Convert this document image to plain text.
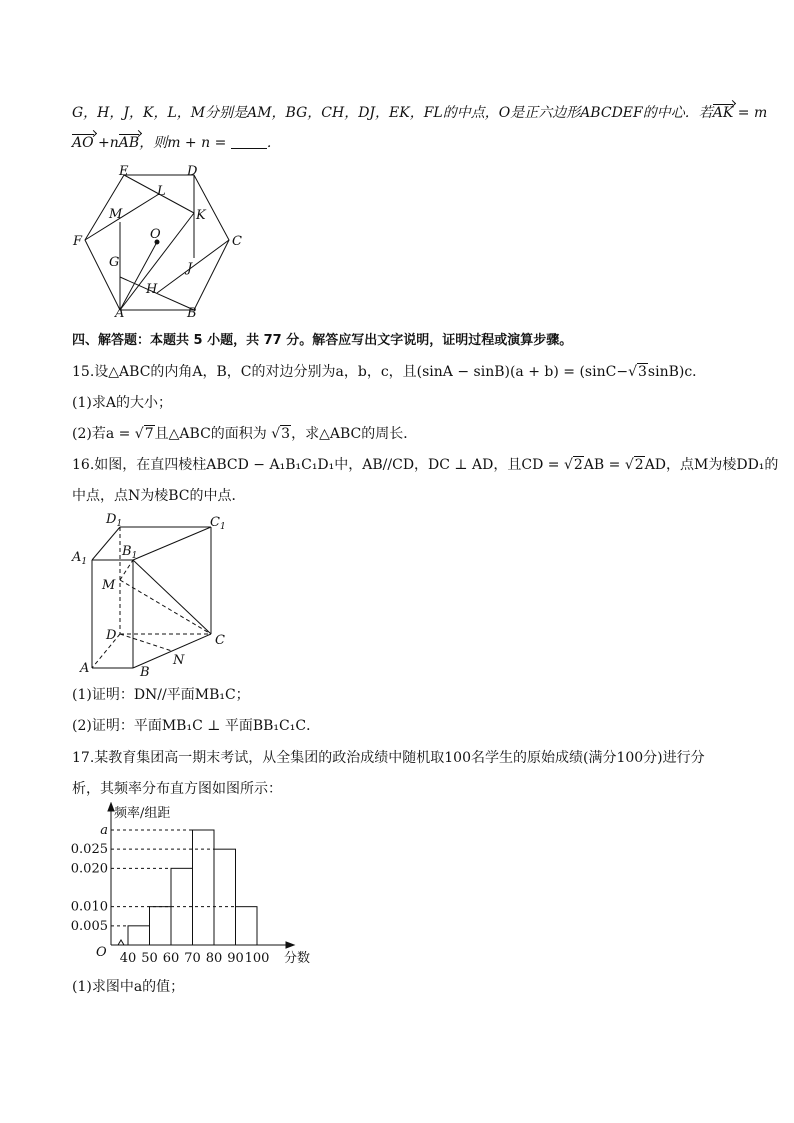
G，H，J，K，L，M分别是AM，BG，CH，DJ，EK，FL的中点，O是正六边形ABCDEF的中心．若AK = m
AO +nAB，则m + n =	．
E	D
L
M	K
O
F	C
G	J
H
A	B
四、解答题：本题共 5 小题，共 77 分。解答应写出文字说明，证明过程或演算步骤。
15.设△ABC的内角A，B，C的对边分别为a，b，c，且(sinA − sinB)(a + b) = (sinC−√3sinB)c．
(1)求A的大小；
(2)若a = √7且△ABC的面积为 √3，求△ABC的周长．
16.如图，在直四棱柱ABCD − A₁B₁C₁D₁中，AB//CD，DC ⊥ AD，且CD = √2AB = √2AD，点M为棱DD₁的
中点，点N为棱BC的中点．
$D_1$	$C_1$
$A_1$
$B_1$
M
D	C
A	B
N
(1)证明：DN//平面MB₁C；
(2)证明：平面MB₁C ⊥ 平面BB₁C₁C．
17.某教育集团高一期末考试，从全集团的政治成绩中随机取100名学生的原始成绩(满分100分)进行分
析，其频率分布直方图如图所示：
0.005
0.010
0.020
0.025
a
40 50 60 70 80 90 100
频率/组距
分数
O
(1)求图中a的值；
